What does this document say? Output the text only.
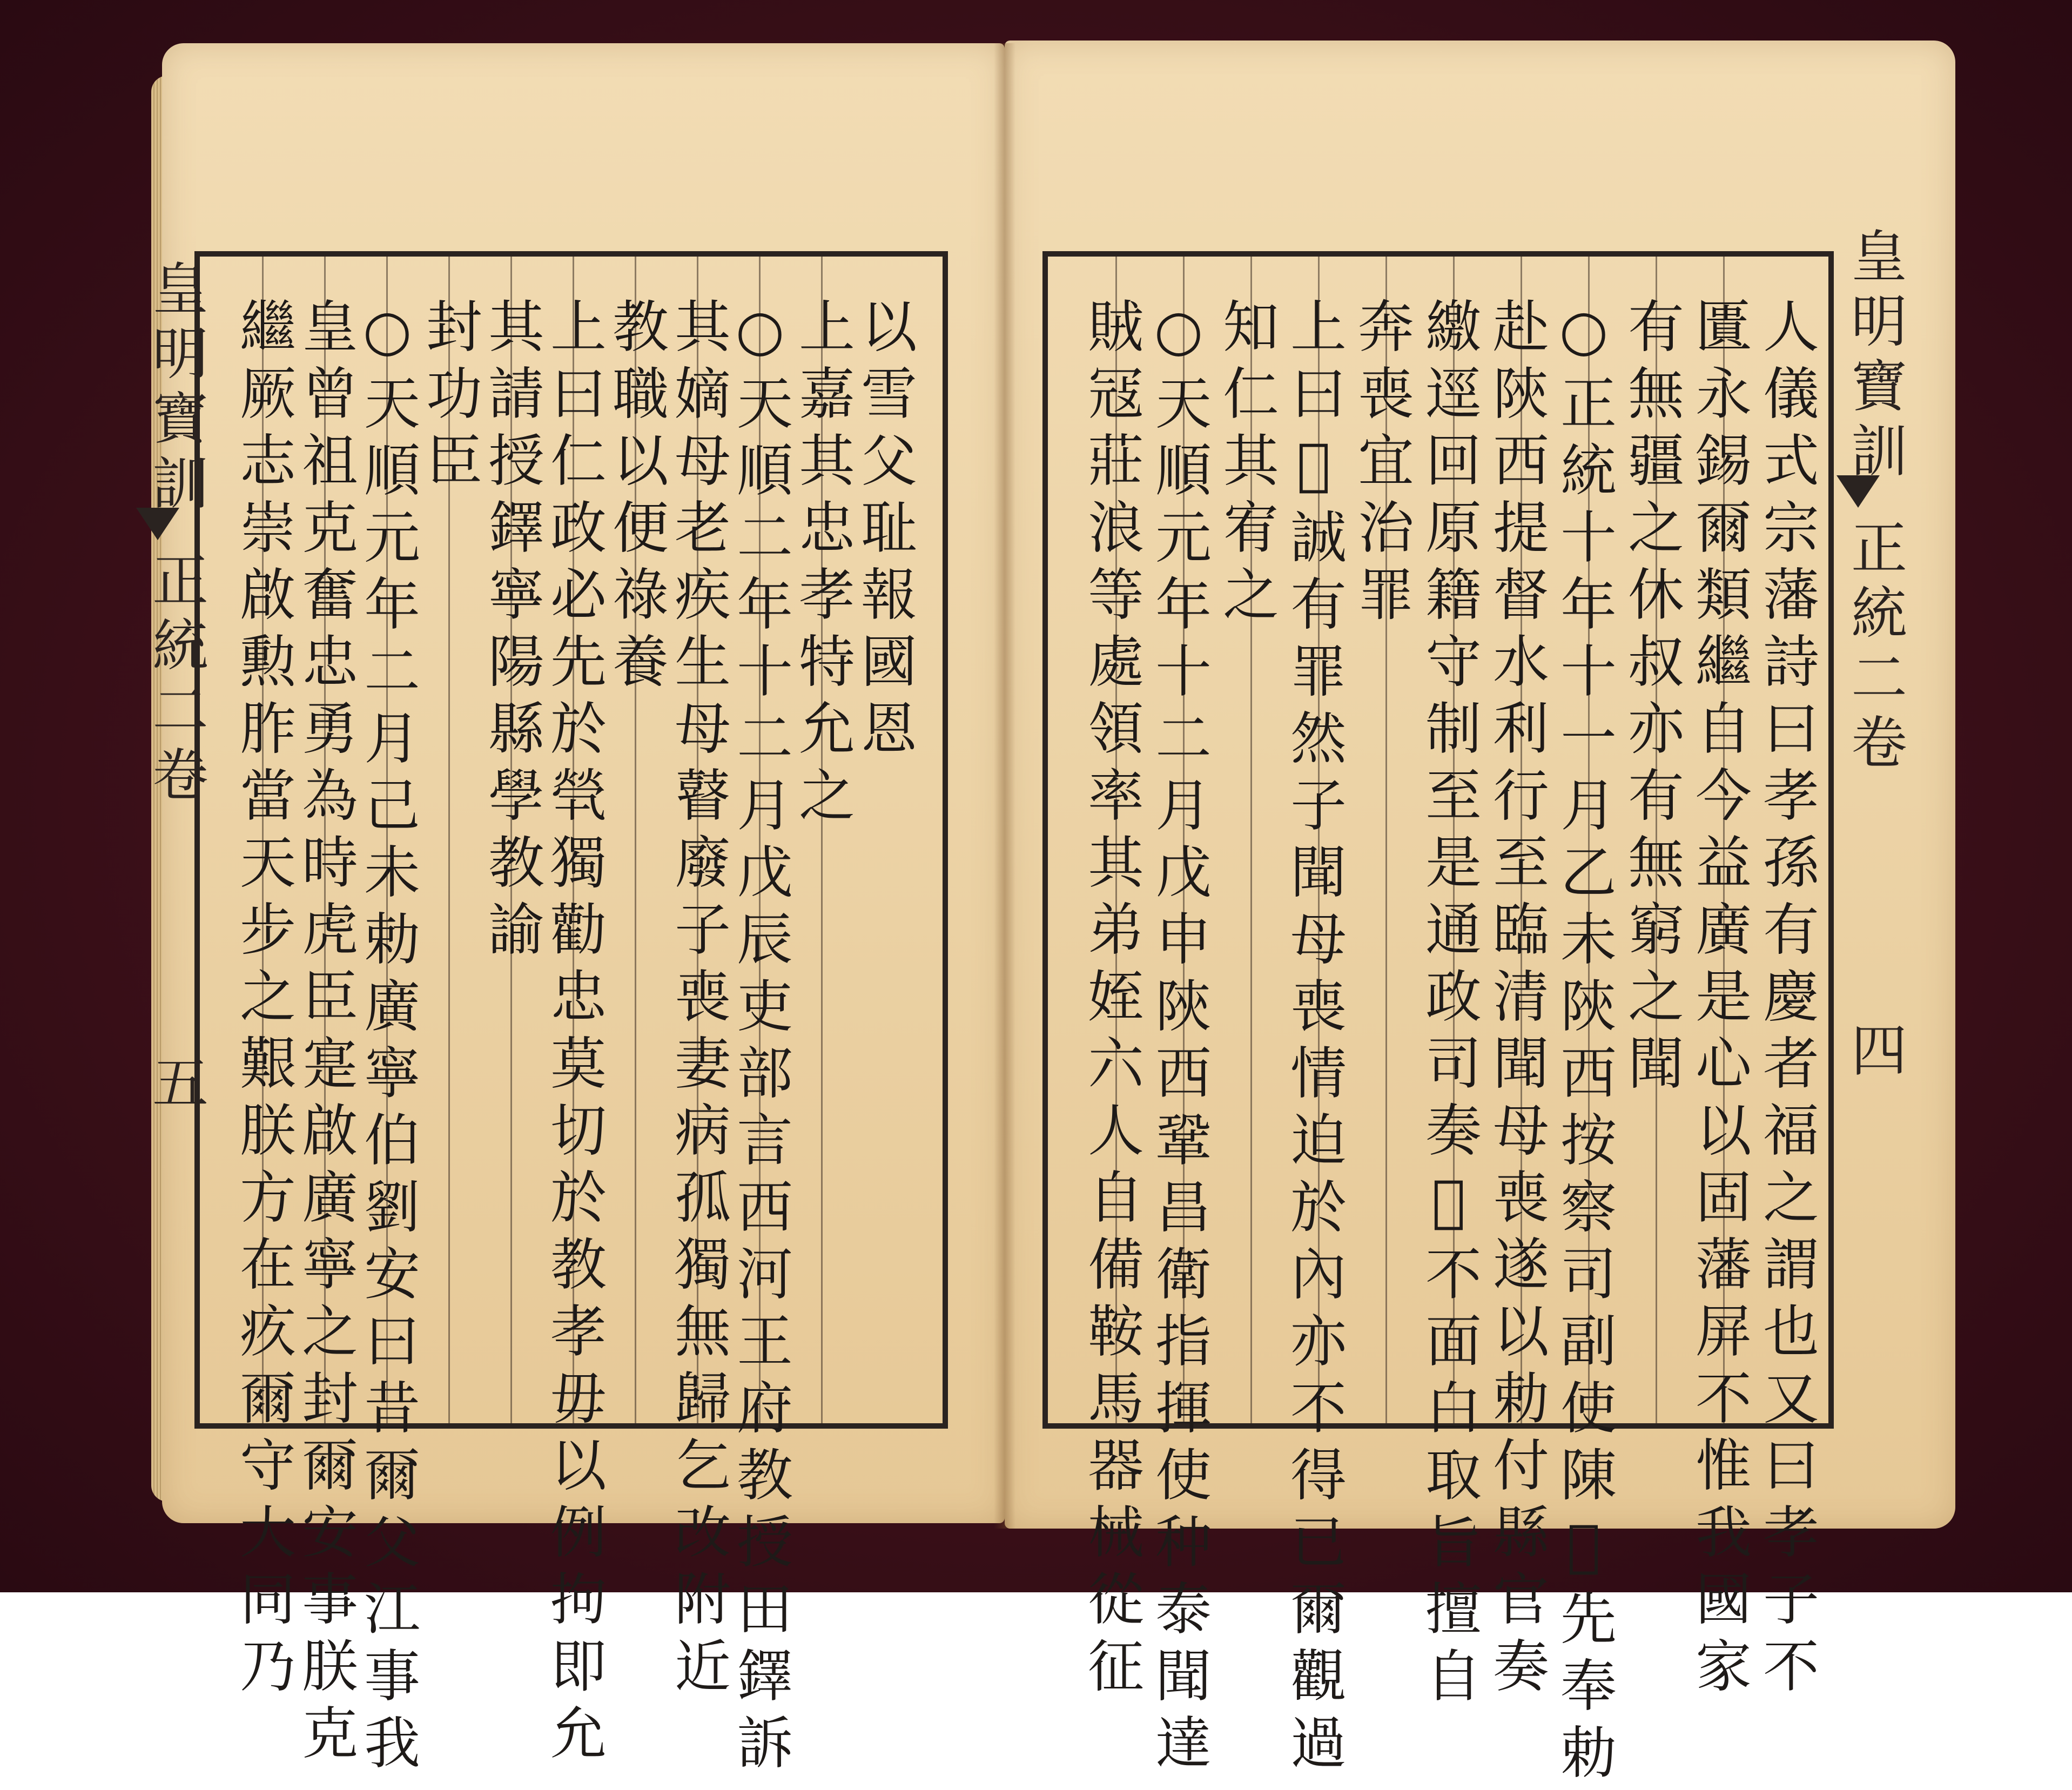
人儀式宗藩詩曰孝孫有慶者福之謂也又曰孝子不
匱永錫爾類繼自今益廣是心以固藩屏不惟我國家
有無疆之休叔亦有無窮之聞
○正統十年十一月乙未陝西按察司副使陳𣪁先奉勅
赴陝西提督水利行至臨清聞母喪遂以勅付縣官奏
繳逕回原籍守制至是通政司奏𣪁不面白取旨擅自
奔喪宜治罪
上曰𣪁誠有罪然子聞母喪情迫於內亦不得已爾觀過
知仁其宥之
○天順元年十二月戊申陝西鞏昌衛指揮使种泰聞達
賊冦莊浪等處領率其弟姪六人自備鞍馬器械從征	皇明寶訓
正統二卷
四
以雪父耻報國恩
上嘉其忠孝特允之
○天順二年十二月戊辰吏部言西河王府教授田鐸訴
其嫡母老疾生母瞽廢子喪妻病孤獨無歸乞改附近
教職以便祿養
上曰仁政必先於煢獨勸忠莫切於教孝毋以例拘即允
其請授鐸寧陽縣學教諭
封功臣
○天順元年二月己未勅廣寧伯劉安曰昔爾父江事我
皇曾祖克奮忠勇為時虎臣寔啟廣寧之封爾安事朕克
繼厥志崇啟勲胙當天步之艱朕方在疚爾守大同乃
皇明寶訓
正統二卷
五
